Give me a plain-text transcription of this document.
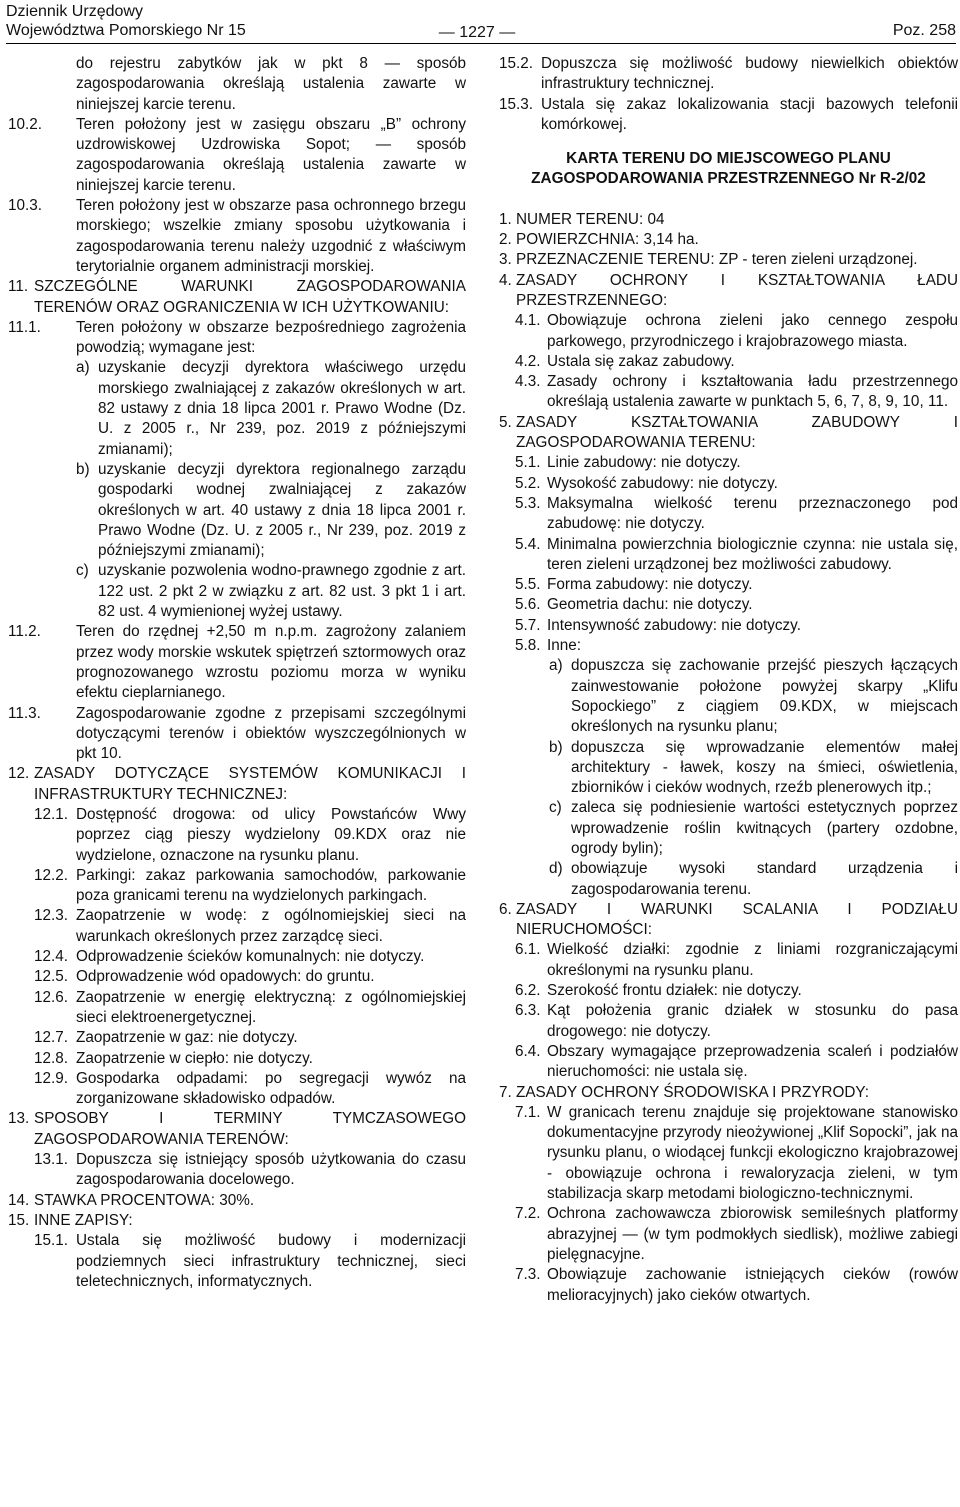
Dziennik Urzędowy
Województwa Pomorskiego Nr 15	— 1227 —	Poz. 258
do rejestru zabytków jak w pkt 8 — sposób zagospodarowania określają ustalenia zawarte w niniejszej karcie terenu.
10.2. Teren położony jest w zasięgu obszaru „B” ochrony uzdrowiskowej Uzdrowiska Sopot; — sposób zagospodarowania określają ustalenia zawarte w niniejszej karcie terenu.
10.3. Teren położony jest w obszarze pasa ochronnego brzegu morskiego; wszelkie zmiany sposobu użytkowania i zagospodarowania terenu należy uzgodnić z właściwym terytorialnie organem administracji morskiej.
11. SZCZEGÓLNE WARUNKI ZAGOSPODAROWANIA TERENÓW ORAZ OGRANICZENIA W ICH UŻYTKOWANIU:
11.1. Teren położony w obszarze bezpośredniego zagrożenia powodzią; wymagane jest:
a) uzyskanie decyzji dyrektora właściwego urzędu morskiego zwalniającej z zakazów określonych w art. 82 ustawy z dnia 18 lipca 2001 r. Prawo Wodne (Dz. U. z 2005 r., Nr 239, poz. 2019 z późniejszymi zmianami);
b) uzyskanie decyzji dyrektora regionalnego zarządu gospodarki wodnej zwalniającej z zakazów określonych w art. 40 ustawy z dnia 18 lipca 2001 r. Prawo Wodne (Dz. U. z 2005 r., Nr 239, poz. 2019 z późniejszymi zmianami);
c) uzyskanie pozwolenia wodno-prawnego zgodnie z art. 122 ust. 2 pkt 2 w związku z art. 82 ust. 3 pkt 1 i art. 82 ust. 4 wymienionej wyżej ustawy.
11.2. Teren do rzędnej +2,50 m n.p.m. zagrożony zalaniem przez wody morskie wskutek spiętrzeń sztormowych oraz prognozowanego wzrostu poziomu morza w wyniku efektu cieplarnianego.
11.3. Zagospodarowanie zgodne z przepisami szczególnymi dotyczącymi terenów i obiektów wyszczególnionych w pkt 10.
12. ZASADY DOTYCZĄCE SYSTEMÓW KOMUNIKACJI I INFRASTRUKTURY TECHNICZNEJ:
12.1. Dostępność drogowa: od ulicy Powstańców Wwy poprzez ciąg pieszy wydzielony 09.KDX oraz nie wydzielone, oznaczone na rysunku planu.
12.2. Parkingi: zakaz parkowania samochodów, parkowanie poza granicami terenu na wydzielonych parkingach.
12.3. Zaopatrzenie w wodę: z ogólnomiejskiej sieci na warunkach określonych przez zarządcę sieci.
12.4. Odprowadzenie ścieków komunalnych: nie dotyczy.
12.5. Odprowadzenie wód opadowych: do gruntu.
12.6. Zaopatrzenie w energię elektryczną: z ogólnomiejskiej sieci elektroenergetycznej.
12.7. Zaopatrzenie w gaz: nie dotyczy.
12.8. Zaopatrzenie w ciepło: nie dotyczy.
12.9. Gospodarka odpadami: po segregacji wywóz na zorganizowane składowisko odpadów.
13. SPOSOBY I TERMINY TYMCZASOWEGO ZAGOSPODAROWANIA TERENÓW:
13.1. Dopuszcza się istniejący sposób użytkowania do czasu zagospodarowania docelowego.
14. STAWKA PROCENTOWA: 30%.
15. INNE ZAPISY:
15.1. Ustala się możliwość budowy i modernizacji podziemnych sieci infrastruktury technicznej, sieci teletechnicznych, informatycznych.
15.2. Dopuszcza się możliwość budowy niewielkich obiektów infrastruktury technicznej.
15.3. Ustala się zakaz lokalizowania stacji bazowych telefonii komórkowej.
KARTA TERENU DO MIEJSCOWEGO PLANU ZAGOSPODAROWANIA PRZESTRZENNEGO Nr R-2/02
1. NUMER TERENU: 04
2. POWIERZCHNIA: 3,14 ha.
3. PRZEZNACZENIE TERENU: ZP - teren zieleni urządzonej.
4. ZASADY OCHRONY I KSZTAŁTOWANIA ŁADU PRZESTRZENNEGO:
4.1. Obowiązuje ochrona zieleni jako cennego zespołu parkowego, przyrodniczego i krajobrazowego miasta.
4.2. Ustala się zakaz zabudowy.
4.3. Zasady ochrony i kształtowania ładu przestrzennego określają ustalenia zawarte w punktach 5, 6, 7, 8, 9, 10, 11.
5. ZASADY KSZTAŁTOWANIA ZABUDOWY I ZAGOSPODAROWANIA TERENU:
5.1. Linie zabudowy: nie dotyczy.
5.2. Wysokość zabudowy: nie dotyczy.
5.3. Maksymalna wielkość terenu przeznaczonego pod zabudowę: nie dotyczy.
5.4. Minimalna powierzchnia biologicznie czynna: nie ustala się, teren zieleni urządzonej bez możliwości zabudowy.
5.5. Forma zabudowy: nie dotyczy.
5.6. Geometria dachu: nie dotyczy.
5.7. Intensywność zabudowy: nie dotyczy.
5.8. Inne:
a) dopuszcza się zachowanie przejść pieszych łączących zainwestowanie położone powyżej skarpy „Klifu Sopockiego” z ciągiem 09.KDX, w miejscach określonych na rysunku planu;
b) dopuszcza się wprowadzanie elementów małej architektury - ławek, koszy na śmieci, oświetlenia, zbiorników i cieków wodnych, rzeźb plenerowych itp.;
c) zaleca się podniesienie wartości estetycznych poprzez wprowadzenie roślin kwitnących (partery ozdobne, ogrody bylin);
d) obowiązuje wysoki standard urządzenia i zagospodarowania terenu.
6. ZASADY I WARUNKI SCALANIA I PODZIAŁU NIERUCHOMOŚCI:
6.1. Wielkość działki: zgodnie z liniami rozgraniczającymi określonymi na rysunku planu.
6.2. Szerokość frontu działek: nie dotyczy.
6.3. Kąt położenia granic działek w stosunku do pasa drogowego: nie dotyczy.
6.4. Obszary wymagające przeprowadzenia scaleń i podziałów nieruchomości: nie ustala się.
7. ZASADY OCHRONY ŚRODOWISKA I PRZYRODY:
7.1. W granicach terenu znajduje się projektowane stanowisko dokumentacyjne przyrody nieożywionej „Klif Sopocki”, jak na rysunku planu, o wiodącej funkcji ekologiczno krajobrazowej - obowiązuje ochrona i rewaloryzacja zieleni, w tym stabilizacja skarp metodami biologiczno-technicznymi.
7.2. Ochrona zachowawcza zbiorowisk semileśnych platformy abrazyjnej — (w tym podmokłych siedlisk), możliwe zabiegi pielęgnacyjne.
7.3. Obowiązuje zachowanie istniejących cieków (rowów melioracyjnych) jako cieków otwartych.
